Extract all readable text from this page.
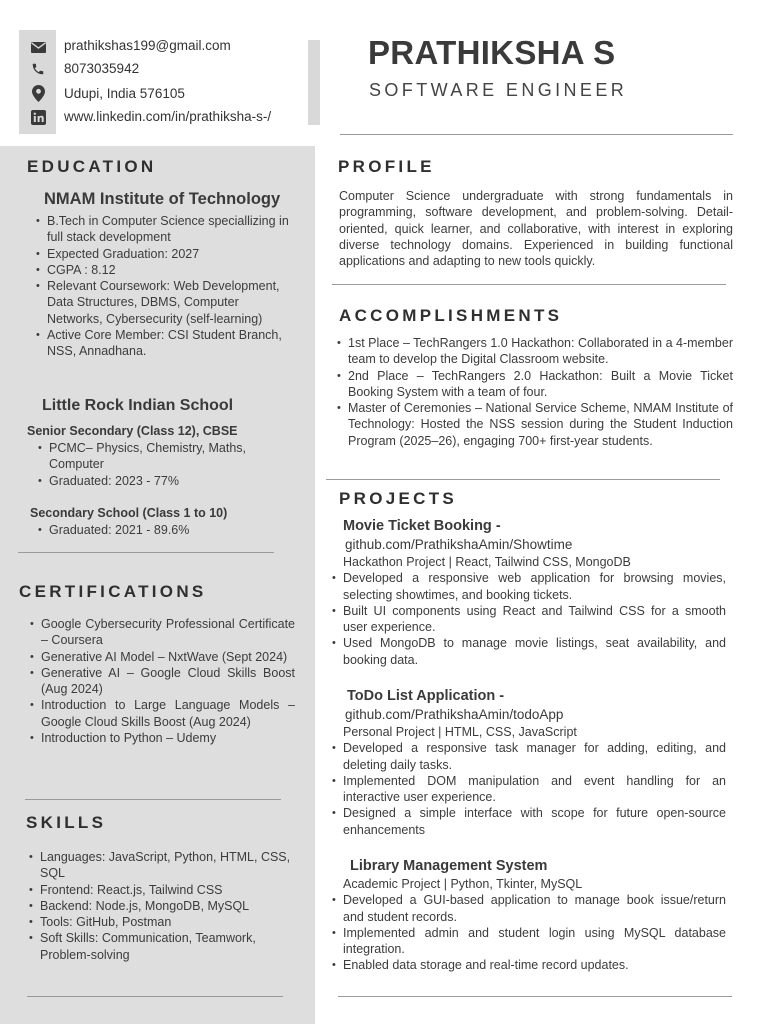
prathikshas199@gmail.com
8073035942
Udupi, India 576105
www.linkedin.com/in/prathiksha-s-/
PRATHIKSHA S
SOFTWARE ENGINEER
EDUCATION
NMAM Institute of Technology
• B.Tech in Computer Science speciallizing in full stack development
• Expected Graduation: 2027
• CGPA : 8.12
• Relevant Coursework: Web Development, Data Structures, DBMS, Computer Networks, Cybersecurity (self-learning)
• Active Core Member: CSI Student Branch, NSS, Annadhana.
Little Rock Indian School
Senior Secondary (Class 12), CBSE
• PCMC– Physics, Chemistry, Maths, Computer
• Graduated: 2023 - 77%
Secondary School (Class 1 to 10)
• Graduated: 2021 - 89.6%
CERTIFICATIONS
• Google Cybersecurity Professional Certificate – Coursera
• Generative AI Model – NxtWave (Sept 2024)
• Generative AI – Google Cloud Skills Boost (Aug 2024)
• Introduction to Large Language Models – Google Cloud Skills Boost (Aug 2024)
• Introduction to Python – Udemy
SKILLS
• Languages: JavaScript, Python, HTML, CSS, SQL
• Frontend: React.js, Tailwind CSS
• Backend: Node.js, MongoDB, MySQL
• Tools: GitHub, Postman
• Soft Skills: Communication, Teamwork, Problem-solving
PROFILE
Computer Science undergraduate with strong fundamentals in programming, software development, and problem-solving. Detail-oriented, quick learner, and collaborative, with interest in exploring diverse technology domains. Experienced in building functional applications and adapting to new tools quickly.
ACCOMPLISHMENTS
• 1st Place – TechRangers 1.0 Hackathon: Collaborated in a 4-member team to develop the Digital Classroom website.
• 2nd Place – TechRangers 2.0 Hackathon: Built a Movie Ticket Booking System with a team of four.
• Master of Ceremonies – National Service Scheme, NMAM Institute of Technology: Hosted the NSS session during the Student Induction Program (2025–26), engaging 700+ first-year students.
PROJECTS
Movie Ticket Booking -
github.com/PrathikshaAmin/Showtime
Hackathon Project | React, Tailwind CSS, MongoDB
• Developed a responsive web application for browsing movies, selecting showtimes, and booking tickets.
• Built UI components using React and Tailwind CSS for a smooth user experience.
• Used MongoDB to manage movie listings, seat availability, and booking data.
ToDo List Application -
github.com/PrathikshaAmin/todoApp
Personal Project | HTML, CSS, JavaScript
• Developed a responsive task manager for adding, editing, and deleting daily tasks.
• Implemented DOM manipulation and event handling for an interactive user experience.
• Designed a simple interface with scope for future open-source enhancements
Library Management System
Academic Project | Python, Tkinter, MySQL
• Developed a GUI-based application to manage book issue/return and student records.
• Implemented admin and student login using MySQL database integration.
• Enabled data storage and real-time record updates.
